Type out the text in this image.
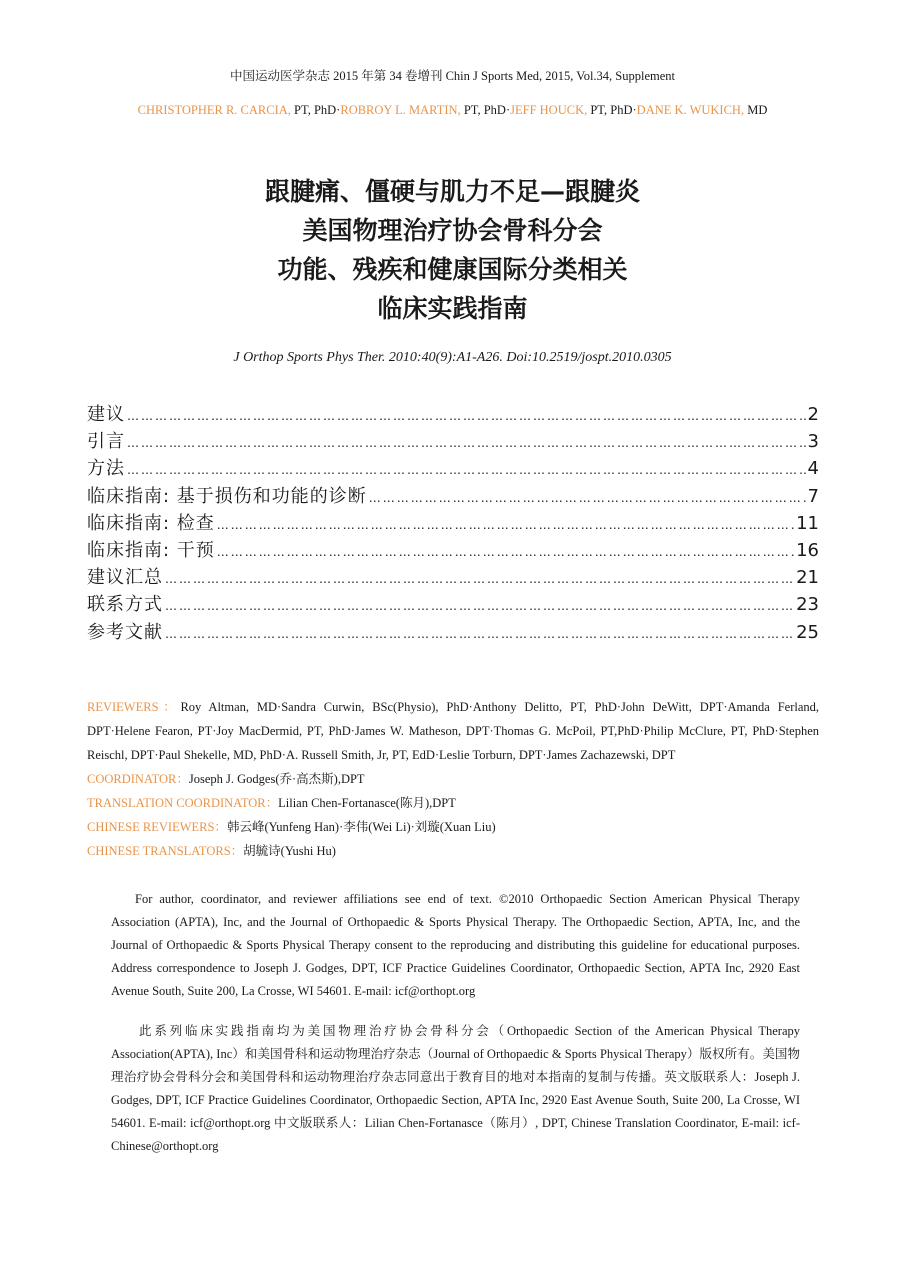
中国运动医学杂志 2015 年第 34 卷增刊 Chin J Sports Med, 2015, Vol.34, Supplement
CHRISTOPHER R. CARCIA, PT, PhD·ROBROY L. MARTIN, PT, PhD·JEFF HOUCK, PT, PhD·DANE K. WUKICH, MD
跟腱痛、僵硬与肌力不足—跟腱炎
美国物理治疗协会骨科分会
功能、残疾和健康国际分类相关
临床实践指南
J Orthop Sports Phys Ther. 2010:40(9):A1-A26. Doi:10.2519/jospt.2010.0305
建议 …………………………………………………………………………………………………………………………………………………………………………………………	2
引言 …………………………………………………………………………………………………………………………………………………………………………………………	3
方法 …………………………………………………………………………………………………………………………………………………………………………………………	4
临床指南: 基于损伤和功能的诊断 …………………………………………………………………………………………………………………………………………………………………………………………	7
临床指南: 检查 …………………………………………………………………………………………………………………………………………………………………………………………	11
临床指南: 干预 …………………………………………………………………………………………………………………………………………………………………………………………	16
建议汇总 …………………………………………………………………………………………………………………………………………………………………………………………	21
联系方式 …………………………………………………………………………………………………………………………………………………………………………………………	23
参考文献 …………………………………………………………………………………………………………………………………………………………………………………………	25

REVIEWERS：Roy Altman, MD·Sandra Curwin, BSc(Physio), PhD·Anthony Delitto, PT, PhD·John DeWitt, DPT·Amanda Ferland, DPT·Helene Fearon, PT·Joy MacDermid, PT, PhD·James W. Matheson, DPT·Thomas G. McPoil, PT,PhD·Philip McClure, PT, PhD·Stephen Reischl, DPT·Paul Shekelle, MD, PhD·A. Russell Smith, Jr, PT, EdD·Leslie Torburn, DPT·James Zachazewski, DPT

COORDINATOR：Joseph J. Godges(乔·高杰斯),DPT

TRANSLATION COORDINATOR：Lilian Chen-Fortanasce(陈月),DPT

CHINESE REVIEWERS：韩云峰(Yunfeng Han)·李伟(Wei Li)·刘璇(Xuan Liu)

CHINESE TRANSLATORS：胡毓诗(Yushi Hu)

For author, coordinator, and reviewer affiliations see end of text. ©2010 Orthopaedic Section American Physical Therapy Association (APTA), Inc, and the Journal of Orthopaedic & Sports Physical Therapy. The Orthopaedic Section, APTA, Inc, and the Journal of Orthopaedic & Sports Physical Therapy consent to the reproducing and distributing this guideline for educational purposes. Address correspondence to Joseph J. Godges, DPT, ICF Practice Guidelines Coordinator, Orthopaedic Section, APTA Inc, 2920 East Avenue South, Suite 200, La Crosse, WI 54601. E-mail: icf@orthopt.org

此系列临床实践指南均为美国物理治疗协会骨科分会（Orthopaedic Section of the American Physical Therapy Association(APTA), Inc）和美国骨科和运动物理治疗杂志（Journal of Orthopaedic & Sports Physical Therapy）版权所有。美国物理治疗协会骨科分会和美国骨科和运动物理治疗杂志同意出于教育目的地对本指南的复制与传播。英文版联系人：Joseph J. Godges, DPT, ICF Practice Guidelines Coordinator, Orthopaedic Section, APTA Inc, 2920 East Avenue South, Suite 200, La Crosse, WI 54601. E-mail: icf@orthopt.org 中文版联系人：Lilian Chen-Fortanasce（陈月）, DPT, Chinese Translation Coordinator, E-mail: icf-Chinese@orthopt.org
